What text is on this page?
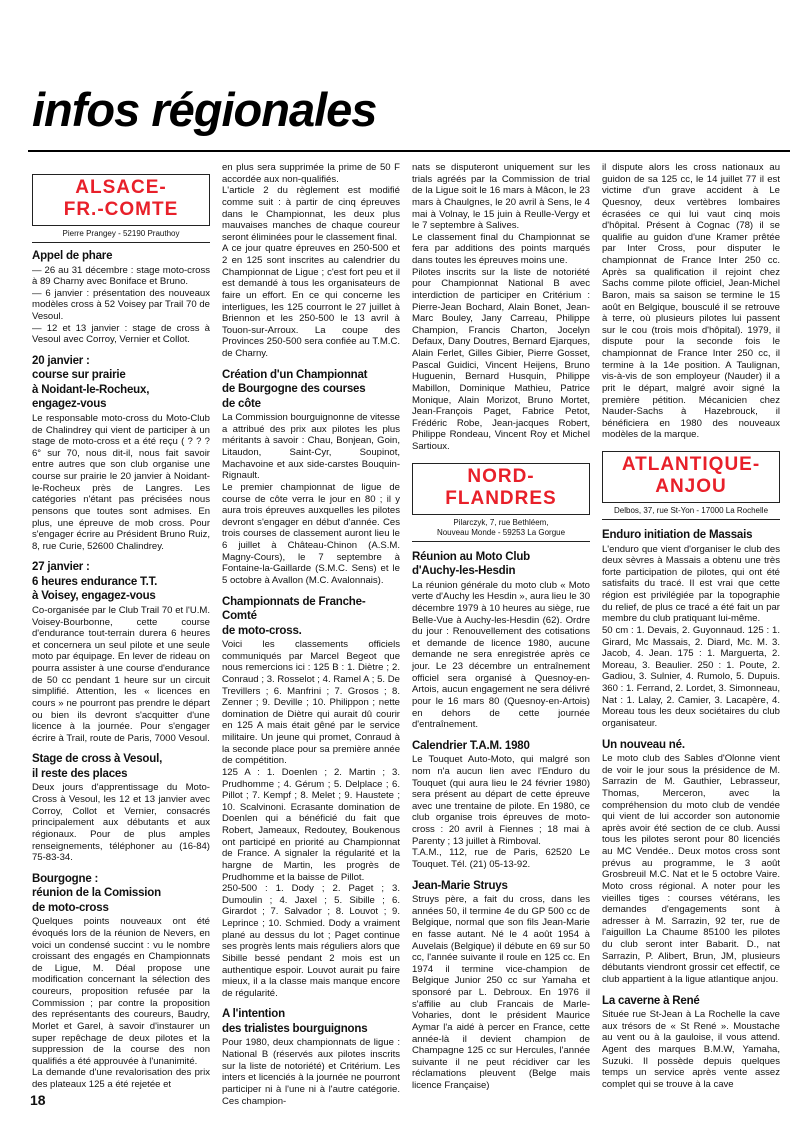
infos régionales
ALSACE-
FR.-COMTE
Pierre Prangey - 52190 Prauthoy
Appel de phare

— 26 au 31 décembre : stage moto-cross à 89 Charny avec Boniface et Bruno.

— 6 janvier : présentation des nouveaux modèles cross à 52 Voisey par Trail 70 de Vesoul.

— 12 et 13 janvier : stage de cross à Vesoul avec Corroy, Vernier et Collot.

20 janvier :
course sur prairie
à Noidant-le-Rocheux,
engagez-vous

Le responsable moto-cross du Moto-Club de Chalindrey qui vient de participer à un stage de moto-cross et a été reçu ( ? ? ? 6° sur 70, nous dit-il, nous fait savoir entre autres que son club organise une course sur prairie le 20 janvier à Noidant-le-Rocheux près de Langres. Les catégories n'étant pas précisées nous pensons que toutes sont admises. En plus, une épreuve de mob cross. Pour s'engager écrire au Président Bruno Ruiz, 8, rue Curie, 52600 Chalindrey.

27 janvier :
6 heures endurance T.T.
à Voisey, engagez-vous

Co-organisée par le Club Trail 70 et l'U.M. Voisey-Bourbonne, cette course d'endurance tout-terrain durera 6 heures et concernera un seul pilote et une seule moto par équipage. En lever de rideau on pourra assister à une course d'endurance de 50 cc pendant 1 heure sur un circuit simplifié. Attention, les « licences en cours » ne pourront pas prendre le départ ou bien ils devront s'acquitter d'une licence à la journée. Pour s'engager écrire à Trail, route de Paris, 7000 Vesoul.

Stage de cross à Vesoul,
il reste des places

Deux jours d'apprentissage du Moto-Cross à Vesoul, les 12 et 13 janvier avec Corroy, Collot et Vernier, consacrés principalement aux débutants et aux régionaux. Pour de plus amples renseignements, téléphoner au (16-84) 75-83-34.

Bourgogne :
réunion de la Comission
de moto-cross

Quelques points nouveaux ont été évoqués lors de la réunion de Nevers, en voici un condensé succint : vu le nombre croissant des engagés en Championnats de Ligue, M. Déal propose une modification concernant la sélection des coureurs, proposition refusée par la Commission ; par contre la proposition des représentants des coureurs, Baudry, Morlet et Garel, à savoir d'instaurer un super repêchage de deux pilotes et la suppression de la course des non qualifiés a été approuvée à l'unanimité.

La demande d'une revalorisation des prix des plateaux 125 a été rejetée et

en plus sera supprimée la prime de 50 F accordée aux non-qualifiés.

L'article 2 du règlement est modifié comme suit : à partir de cinq épreuves dans le Championnat, les deux plus mauvaises manches de chaque coureur seront éliminées pour le classement final.

A ce jour quatre épreuves en 250-500 et 2 en 125 sont inscrites au calendrier du Championnat de Ligue ; c'est fort peu et il est demandé à tous les organisateurs de faire un effort. En ce qui concerne les interligues, les 125 courront le 27 juillet à Briennon et les 250-500 le 13 avril à Touon-sur-Arroux. La coupe des Provinces 250-500 sera confiée au T.M.C. de Charny.

Création d'un Championnat
de Bourgogne des courses
de côte

La Commission bourguignonne de vitesse a attribué des prix aux pilotes les plus méritants à savoir : Chau, Bonjean, Goin, Litaudon, Saint-Cyr, Soupinot, Machavoine et aux side-carstes Bouquin-Rignault.

Le premier championnat de ligue de course de côte verra le jour en 80 ; il y aura trois épreuves auxquelles les pilotes devront s'engager en début d'année. Ces trois courses de classement auront lieu le 6 juillet à Château-Chinon (A.S.M. Magny-Cours), le 7 septembre à Fontaine-la-Gaillarde (S.M.C. Sens) et le 5 octobre à Avallon (M.C. Avalonnais).

Championnats de Franche-Comté
de moto-cross.

Voici les classements officiels communiqués par Marcel Begeot que nous remercions ici : 125 B : 1. Diètre ; 2. Conraud ; 3. Rosselot ; 4. Ramel A ; 5. De Trevillers ; 6. Manfrini ; 7. Grosos ; 8. Zenner ; 9. Deville ; 10. Philippon ; nette domination de Diètre qui aurait dû courir en 125 A mais était gêné par le service militaire. Un jeune qui promet, Conraud à la seconde place pour sa première année de compétition.

125 A : 1. Doenlen ; 2. Martin ; 3. Prudhomme ; 4. Gérum ; 5. Delplace ; 6. Pillot ; 7. Kempf ; 8. Melet ; 9. Haustete ; 10. Scalvinoni. Ecrasante domination de Doenlen qui a bénéficié du fait que Robert, Jameaux, Redoutey, Boukenous ont participé en priorité au Championnat de France. A signaler la régularité et la hargne de Martin, les progrès de Prudhomme et la baisse de Pillot.

250-500 : 1. Dody ; 2. Paget ; 3. Dumoulin ; 4. Jaxel ; 5. Sibille ; 6. Girardot ; 7. Salvador ; 8. Louvot ; 9. Leprince ; 10. Schmied. Dody a vraiment plané au dessus du lot ; Paget continue ses progrès lents mais réguliers alors que Sibille bessé pendant 2 mois est un authentique espoir. Louvot aurait pu faire mieux, il a la classe mais manque encore de régularité.

A l'intention
des trialistes bourguignons

Pour 1980, deux championnats de ligue : National B (réservés aux pilotes inscrits sur la liste de notoriété) et Critérium. Les inters et licenciés à la journée ne pourront participer ni à l'une ni à l'autre catégorie. Ces champion-

nats se disputeront uniquement sur les trials agréés par la Commission de trial de la Ligue soit le 16 mars à Mâcon, le 23 mars à Chaulgnes, le 20 avril à Sens, le 4 mai à Volnay, le 15 juin à Reulle-Vergy et le 7 septembre à Salives.

Le classement final du Championnat se fera par additions des points marqués dans toutes les épreuves moins une.

Pilotes inscrits sur la liste de notoriété pour Championnat National B avec interdiction de participer en Critérium : Pierre-Jean Bochard, Alain Bonet, Jean-Marc Bouley, Jany Carreau, Philippe Champion, Francis Charton, Jocelyn Defaux, Dany Doutres, Bernard Ejarques, Alain Ferlet, Gilles Gibier, Pierre Gosset, Pascal Guidici, Vincent Heijens, Bruno Huguenin, Bernard Husquin, Philippe Mabillon, Dominique Mathieu, Patrice Monique, Alain Morizot, Bruno Mortet, Jean-François Paget, Fabrice Petot, Frédéric Robe, Jean-jacques Robert, Philippe Rondeau, Vincent Roy et Michel Sartioux.

NORD-
FLANDRES
Pilarczyk, 7, rue Bethléem,
Nouveau Monde - 59253 La Gorgue
Réunion au Moto Club
d'Auchy-les-Hesdin

La réunion générale du moto club « Moto verte d'Auchy les Hesdin », aura lieu le 30 décembre 1979 à 10 heures au siège, rue Belle-Vue à Auchy-les-Hesdin (62). Ordre du jour : Renouvellement des cotisations et demande de licence 1980, aucune demande ne sera enregistrée après ce jour. Le 23 décembre un entraînement officiel sera organisé à Quesnoy-en-Artois, aucun engagement ne sera délivré pour le 16 mars 80 (Quesnoy-en-Artois) en dehors de cette journée d'entraînement.

Calendrier T.A.M. 1980

Le Touquet Auto-Moto, qui malgré son nom n'a aucun lien avec l'Enduro du Touquet (qui aura lieu le 24 février 1980) sera présent au départ de cette épreuve avec une trentaine de pilote. En 1980, ce club organise trois épreuves de moto-cross : 20 avril à Fiennes ; 18 mai à Parenty ; 13 juillet à Rimboval.

T.A.M., 112, rue de Paris, 62520 Le Touquet. Tél. (21) 05-13-92.

Jean-Marie Struys

Struys père, a fait du cross, dans les années 50, il termine 4e du GP 500 cc de Belgique, normal que son fils Jean-Marie en fasse autant. Né le 4 août 1954 à Auvelais (Belgique) il débute en 69 sur 50 cc, l'année suivante il roule en 125 cc. En 1974 il termine vice-champion de Belgique Junior 250 cc sur Yamaha et sponsoré par L. Debroux. En 1976 il s'affilie au club Francais de Marle-Voharies, dont le président Maurice Aymar l'a aidé à percer en France, cette année-là il devient champion de Champagne 125 cc sur Hercules, l'année suivante il ne peut récidiver car les réclamations pleuvent (Belge mais licence Française)

il dispute alors les cross nationaux au guidon de sa 125 cc, le 14 juillet 77 il est victime d'un grave accident à Le Quesnoy, deux vertèbres lombaires écrasées ce qui lui vaut cinq mois d'hôpital. Présent à Cognac (78) il se qualifie au guidon d'une Kramer prêtée par Inter Cross, pour disputer le championnat de France Inter 250 cc. Après sa qualification il rejoint chez Sachs comme pilote officiel, Jean-Michel Baron, mais sa saison se termine le 15 août en Belgique, bousculé il se retrouve à terre, où plusieurs pilotes lui passent sur le cou (trois mois d'hôpital). 1979, il dispute pour la seconde fois le championnat de France Inter 250 cc, il termine à la 14e position. A Taulignan, vis-à-vis de son employeur (Nauder) il a prit le départ, malgré avoir signé la première pétition. Mécanicien chez Nauder-Sachs à Hazebrouck, il bénéficiera en 1980 des nouveaux modèles de la marque.

ATLANTIQUE-
ANJOU
Delbos, 37, rue St-Yon - 17000 La Rochelle
Enduro initiation de Massais

L'enduro que vient d'organiser le club des deux sèvres à Massais a obtenu une très forte participation de pilotes, qui ont été satisfaits du tracé. Il est vrai que cette région est privilégiée par la topographie du relief, de plus ce tracé a été fait un par membre du club pratiquant lui-même.

50 cm : 1. Devais, 2. Guyonnaud. 125 : 1. Girard, Mc Massais, 2. Diard, Mc. M. 3. Jacob, 4. Jean. 175 : 1. Marguerta, 2. Moreau, 3. Beaulier. 250 : 1. Poute, 2. Gadiou, 3. Sulnier, 4. Rumolo, 5. Dupuis. 360 : 1. Ferrand, 2. Lordet, 3. Simonneau, Nat : 1. Lalay, 2. Camier, 3. Lacapère, 4. Moreau tous les deux sociétaires du club organisateur.

Un nouveau né.

Le moto club des Sables d'Olonne vient de voir le jour sous la présidence de M. Sarrazin de M. Gauthier, Lebrasseur, Thomas, Merceron, avec la compréhension du moto club de vendée qui vient de lui accorder son autonomie après avoir été section de ce club. Aussi tous les pilotes seront pour 80 licenciés au MC Vendée.. Deux motos cross sont prévus au programme, le 3 août Grosbreuil M.C. Nat et le 5 octobre Vaire. Moto cross régional. A noter pour les vieilles tiges : courses vétérans, les demandes d'engagements sont à adresser à M. Sarrazin, 92 ter, rue de l'aiguillon La Chaume 85100 les pilotes du club seront inter Babarit. D., nat Sarrazin, P. Alibert, Brun, JM, plusieurs débutants viendront grossir cet effectif, ce club appartient à la ligue atlantique anjou.

La caverne à René

Située rue St-Jean à La Rochelle la cave aux trésors de « St René ». Moustache au vent ou à la gauloise, il vous attend. Agent des marques B.M.W, Yamaha, Suzuki. Il possède depuis quelques temps un service après vente assez complet qui se trouve à la cave

18
